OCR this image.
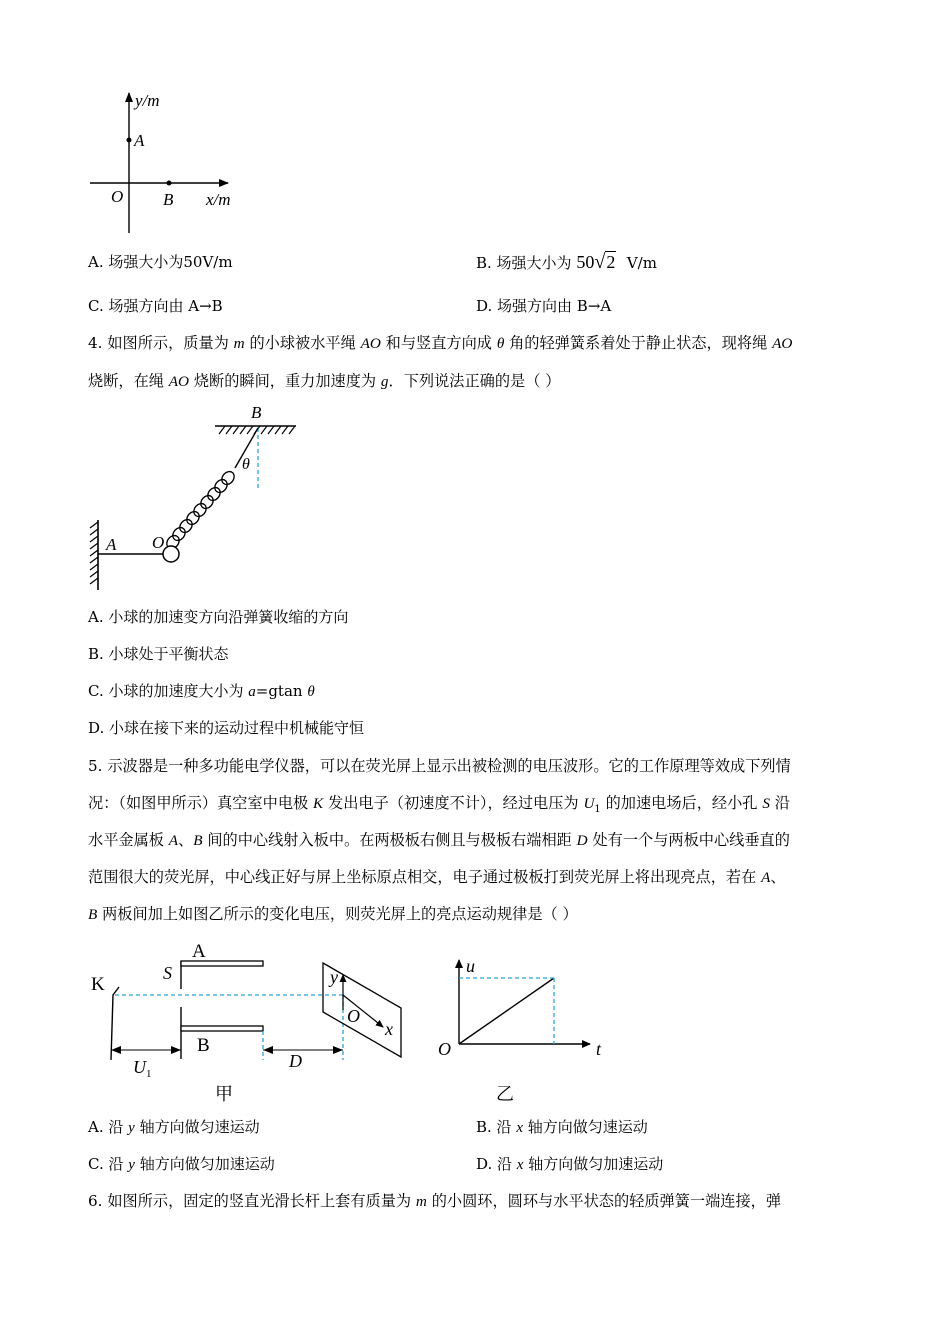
y/m
A
O B x/m
A. 场强大小为50V/m	B. 场强大小为 50√2 V/m
C. 场强方向由 A→B	D. 场强方向由 B→A
4. 如图所示，质量为 m 的小球被水平绳 AO 和与竖直方向成 θ 角的轻弹簧系着处于静止状态，现将绳 AO
烧断，在绳 AO 烧断的瞬间，重力加速度为 g．下列说法正确的是（ ）
B
θ
A O
A. 小球的加速变方向沿弹簧收缩的方向
B. 小球处于平衡状态
C. 小球的加速度大小为 a=gtan θ
D. 小球在接下来的运动过程中机械能守恒
5. 示波器是一种多功能电学仪器，可以在荧光屏上显示出被检测的电压波形。它的工作原理等效成下列情
况：（如图甲所示）真空室中电极 K 发出电子（初速度不计），经过电压为 $U_1$ 的加速电场后，经小孔 S 沿
水平金属板 A、B 间的中心线射入板中。在两极板右侧且与极板右端相距 D 处有一个与两板中心线垂直的
范围很大的荧光屏，中心线正好与屏上坐标原点相交，电子通过极板打到荧光屏上将出现亮点，若在 A、
B 两板间加上如图乙所示的变化电压，则荧光屏上的亮点运动规律是（ ）
A
S
K
B
y
O
x
$U_1$
D
甲
u
O	t
乙
A. 沿 y 轴方向做匀速运动	B. 沿 x 轴方向做匀速运动
C. 沿 y 轴方向做匀加速运动	D. 沿 x 轴方向做匀加速运动
6. 如图所示，固定的竖直光滑长杆上套有质量为 m 的小圆环，圆环与水平状态的轻质弹簧一端连接，弹
